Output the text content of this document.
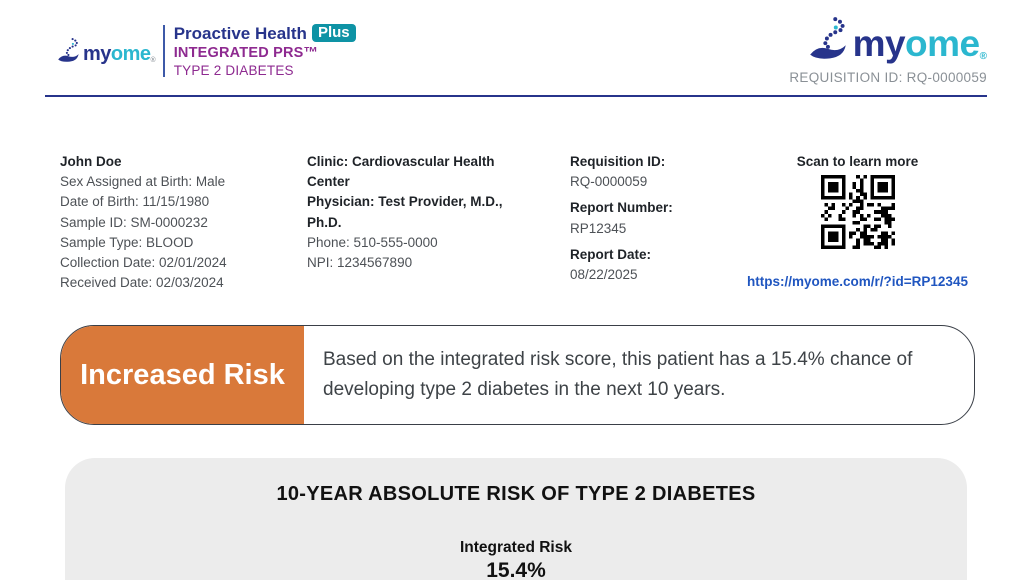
myome$_®$
Proactive Health Plus
INTEGRATED PRS™
TYPE 2 DIABETES
myome$_®$
REQUISITION ID: RQ-0000059
John Doe
Sex Assigned at Birth: Male
Date of Birth: 11/15/1980
Sample ID: SM-0000232
Sample Type: BLOOD
Collection Date: 02/01/2024
Received Date: 02/03/2024
Clinic: Cardiovascular Health Center
Physician: Test Provider, M.D., Ph.D.
Phone: 510-555-0000
NPI: 1234567890
Requisition ID:
RQ-0000059
Report Number:
RP12345
Report Date:
08/22/2025
Scan to learn more
https://myome.com/r/?id=RP12345
Increased Risk	Based on the integrated risk score, this patient has a 15.4% chance of developing type 2 diabetes in the next 10 years.
10-YEAR ABSOLUTE RISK OF TYPE 2 DIABETES
Integrated Risk
15.4%
